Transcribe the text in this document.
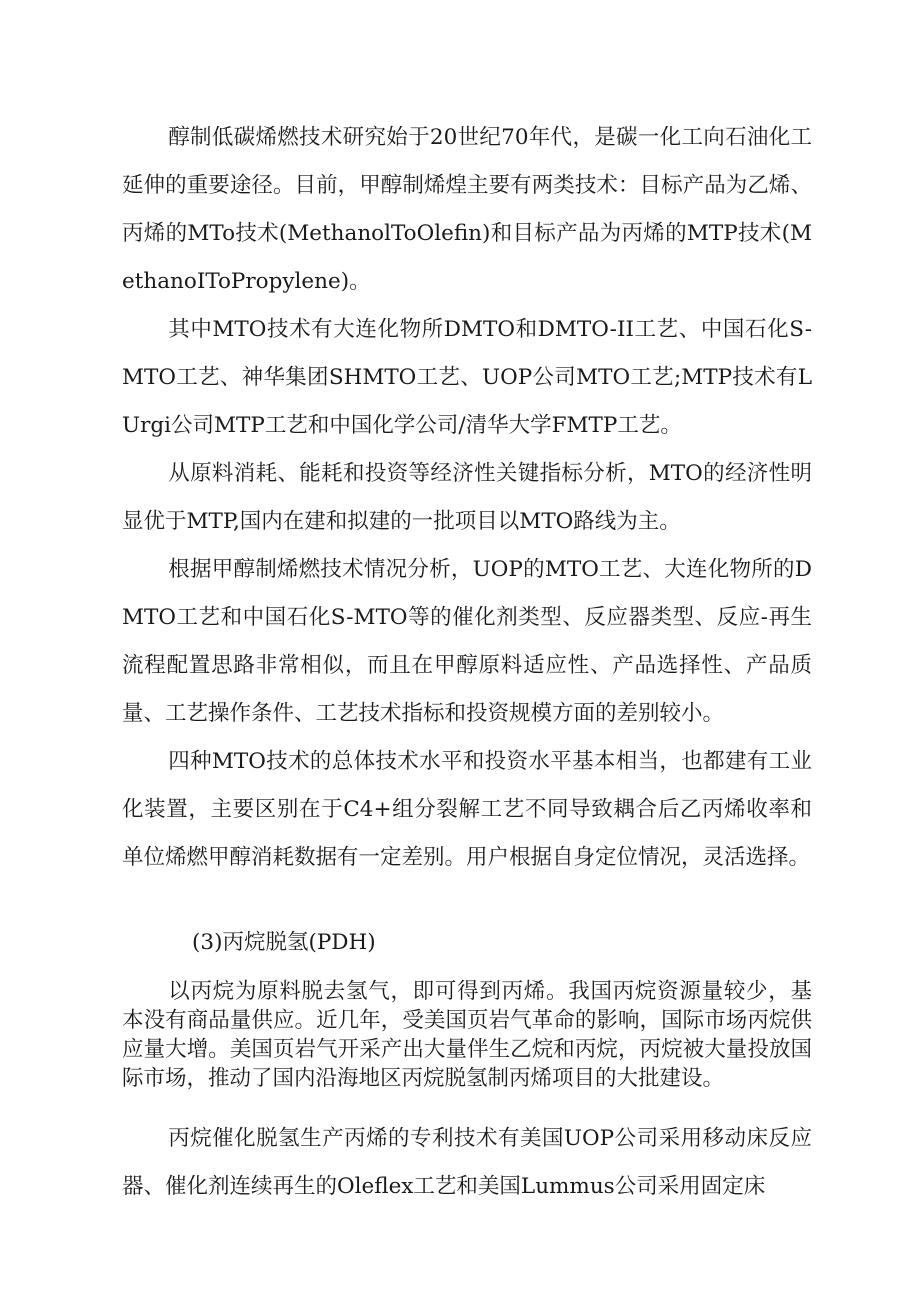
醇制低碳烯燃技术研究始于20世纪70年代，是碳一化工向石油化工延伸的重要途径。目前，甲醇制烯煌主要有两类技术：目标产品为乙烯、丙烯的MTo技术(MethanolToOlefin)和目标产品为丙烯的MTP技术(MethanoIToPropylene)。

其中MTO技术有大连化物所DMTO和DMTO-II工艺、中国石化S-MTO工艺、神华集团SHMTO工艺、UOP公司MTO工艺;MTP技术有LUrgi公司MTP工艺和中国化学公司/清华大学FMTP工艺。

从原料消耗、能耗和投资等经济性关键指标分析，MTO的经济性明显优于MTP,国内在建和拟建的一批项目以MTO路线为主。

根据甲醇制烯燃技术情况分析，UOP的MTO工艺、大连化物所的DMTO工艺和中国石化S-MTO等的催化剂类型、反应器类型、反应-再生流程配置思路非常相似，而且在甲醇原料适应性、产品选择性、产品质量、工艺操作条件、工艺技术指标和投资规模方面的差别较小。

四种MTO技术的总体技术水平和投资水平基本相当，也都建有工业化装置，主要区别在于C4+组分裂解工艺不同导致耦合后乙丙烯收率和单位烯燃甲醇消耗数据有一定差别。用户根据自身定位情况，灵活选择。

(3)丙烷脱氢(PDH)

以丙烷为原料脱去氢气，即可得到丙烯。我国丙烷资源量较少，基本没有商品量供应。近几年，受美国页岩气革命的影响，国际市场丙烷供应量大增。美国页岩气开采产出大量伴生乙烷和丙烷，丙烷被大量投放国际市场，推动了国内沿海地区丙烷脱氢制丙烯项目的大批建设。

丙烷催化脱氢生产丙烯的专利技术有美国UOP公司采用移动床反应器、催化剂连续再生的Oleflex工艺和美国Lummus公司采用固定床
